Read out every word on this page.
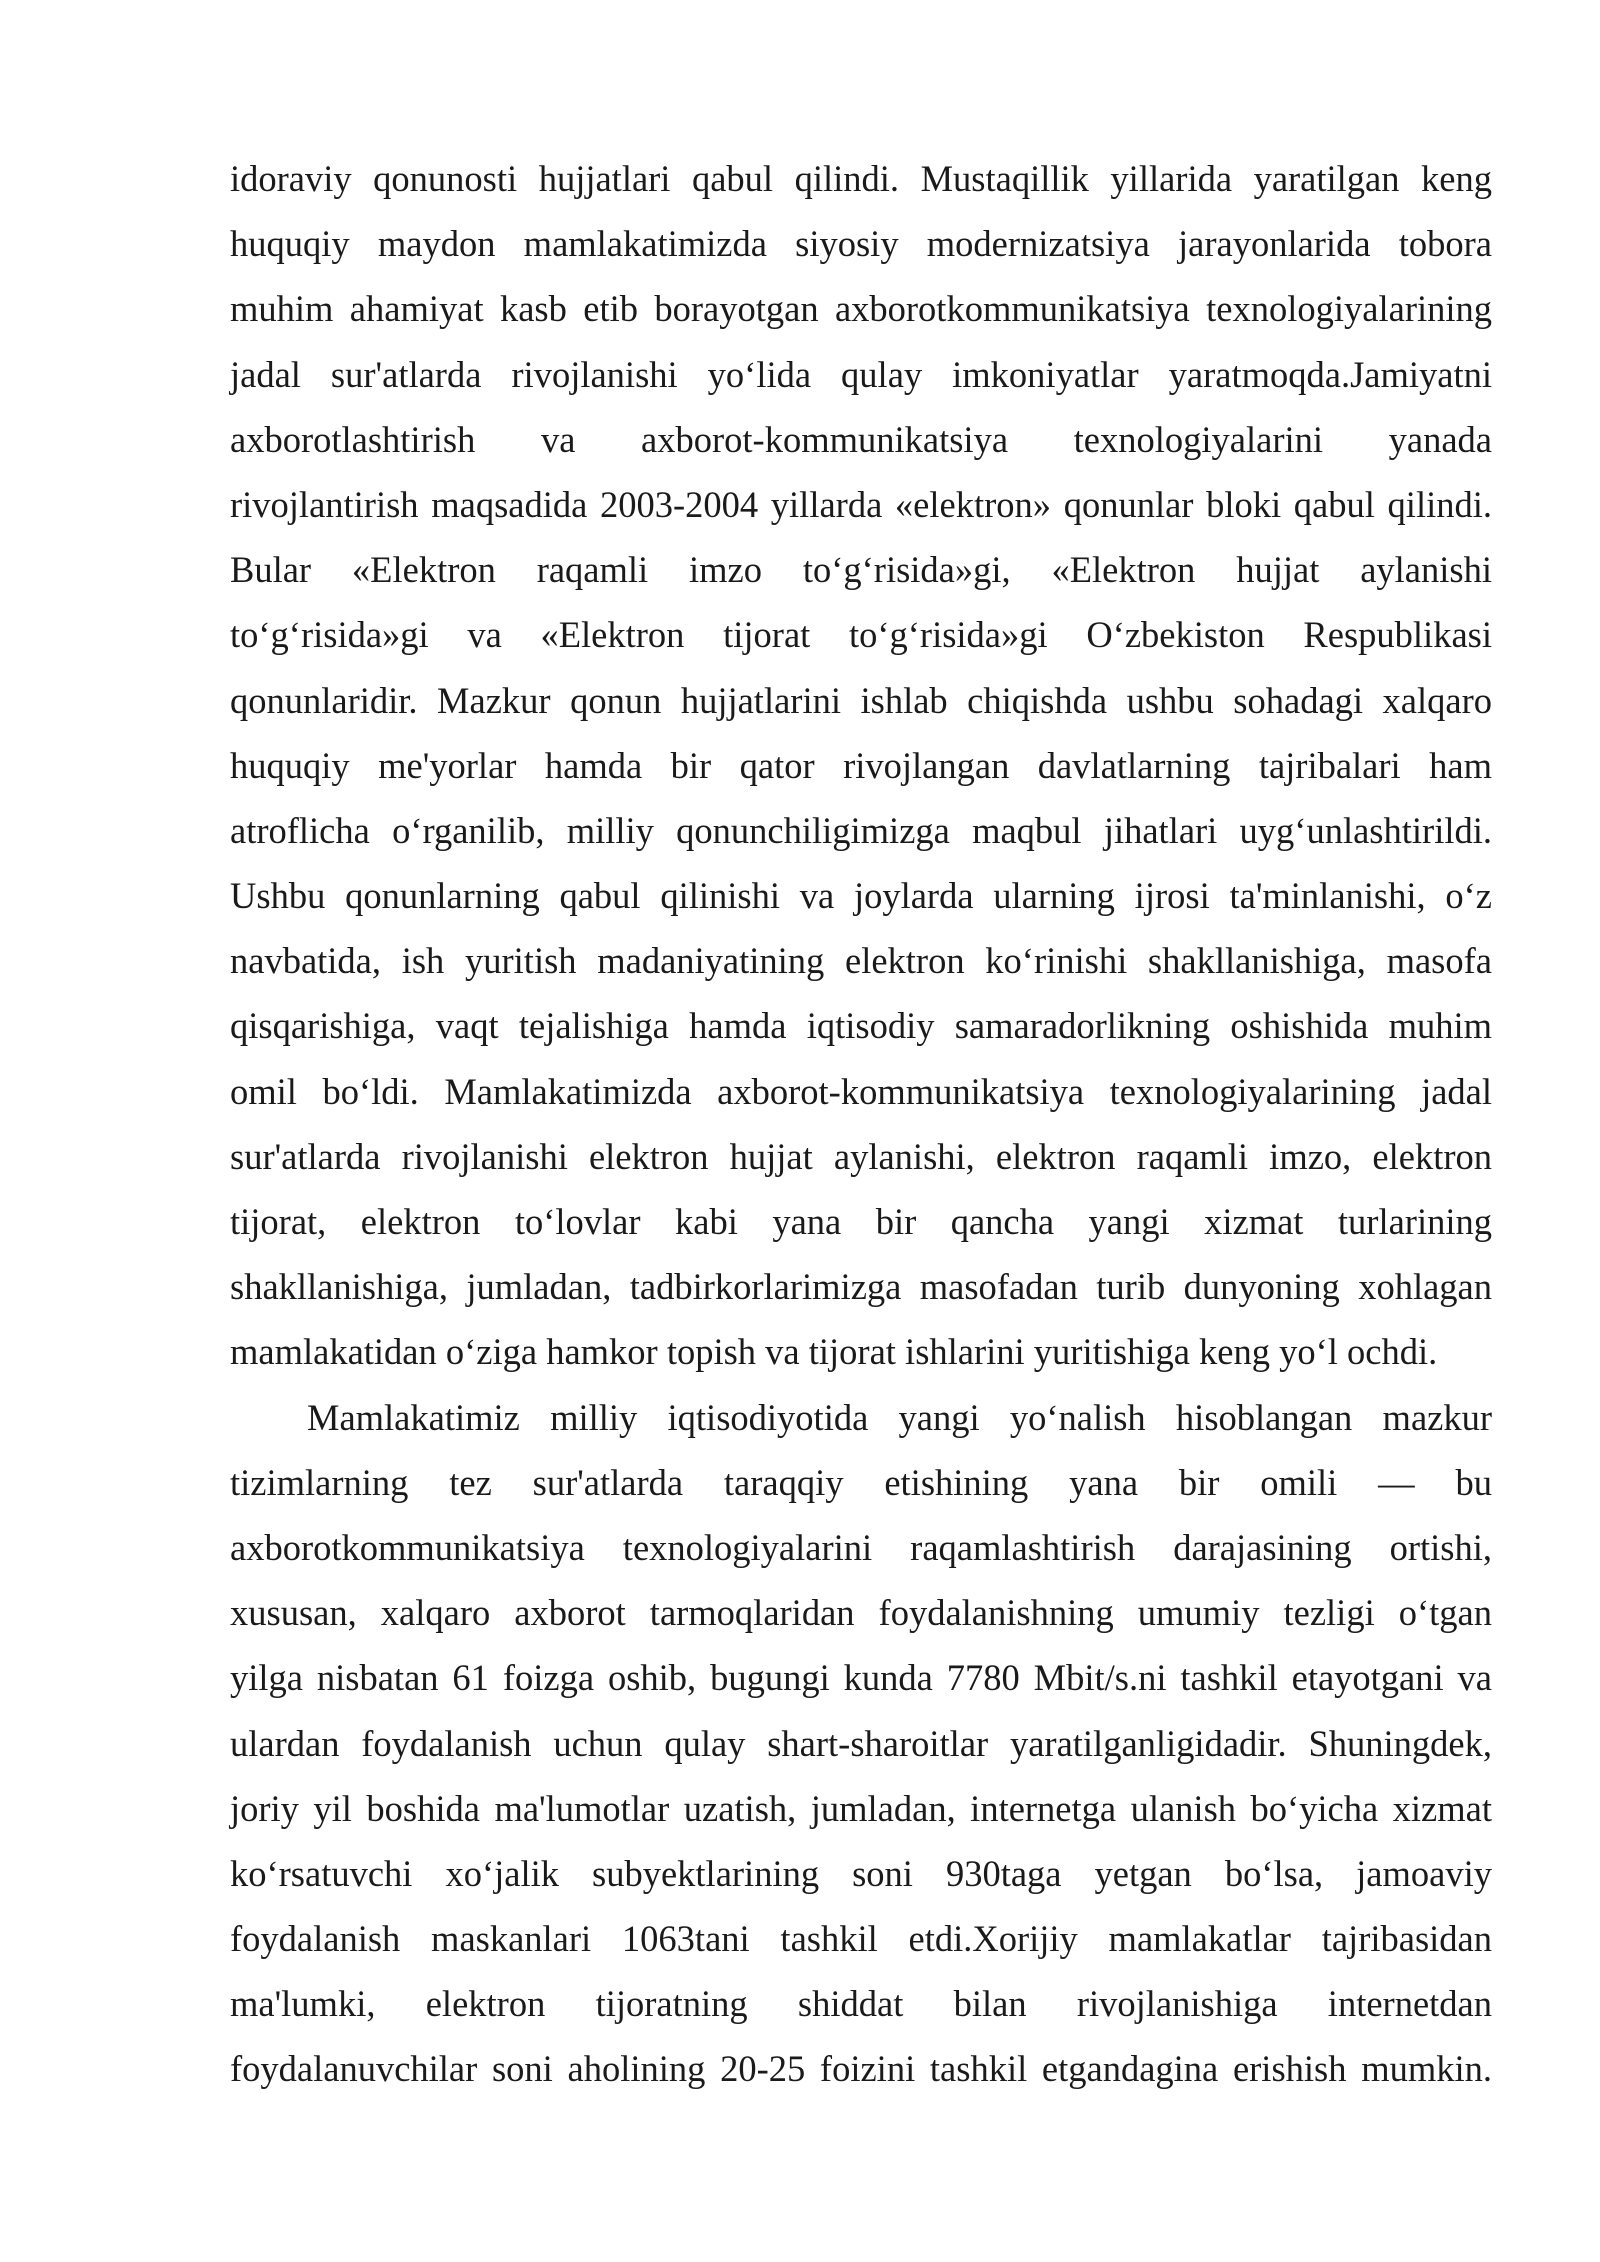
idoraviy qonunosti hujjatlari qabul qilindi. Mustaqillik yillarida yaratilgan keng
huquqiy maydon mamlakatimizda siyosiy modernizatsiya jarayonlarida tobora
muhim ahamiyat kasb etib borayotgan axborotkommunikatsiya texnologiyalarining
jadal sur'atlarda rivojlanishi yo‘lida qulay imkoniyatlar yaratmoqda.Jamiyatni
axborotlashtirish va axborot-kommunikatsiya texnologiyalarini yanada
rivojlantirish maqsadida 2003-2004 yillarda «elektron» qonunlar bloki qabul qilindi.
Bular «Elektron raqamli imzo to‘g‘risida»gi, «Elektron hujjat aylanishi
to‘g‘risida»gi va «Elektron tijorat to‘g‘risida»gi O‘zbekiston Respublikasi
qonunlaridir. Mazkur qonun hujjatlarini ishlab chiqishda ushbu sohadagi xalqaro
huquqiy me'yorlar hamda bir qator rivojlangan davlatlarning tajribalari ham
atroflicha o‘rganilib, milliy qonunchiligimizga maqbul jihatlari uyg‘unlashtirildi.
Ushbu qonunlarning qabul qilinishi va joylarda ularning ijrosi ta'minlanishi, o‘z
navbatida, ish yuritish madaniyatining elektron ko‘rinishi shakllanishiga, masofa
qisqarishiga, vaqt tejalishiga hamda iqtisodiy samaradorlikning oshishida muhim
omil bo‘ldi. Mamlakatimizda axborot-kommunikatsiya texnologiyalarining jadal
sur'atlarda rivojlanishi elektron hujjat aylanishi, elektron raqamli imzo, elektron
tijorat, elektron to‘lovlar kabi yana bir qancha yangi xizmat turlarining
shakllanishiga, jumladan, tadbirkorlarimizga masofadan turib dunyoning xohlagan
mamlakatidan o‘ziga hamkor topish va tijorat ishlarini yuritishiga keng yo‘l ochdi.
Mamlakatimiz milliy iqtisodiyotida yangi yo‘nalish hisoblangan mazkur
tizimlarning tez sur'atlarda taraqqiy etishining yana bir omili — bu
axborotkommunikatsiya texnologiyalarini raqamlashtirish darajasining ortishi,
xususan, xalqaro axborot tarmoqlaridan foydalanishning umumiy tezligi o‘tgan
yilga nisbatan 61 foizga oshib, bugungi kunda 7780 Mbit/s.ni tashkil etayotgani va
ulardan foydalanish uchun qulay shart-sharoitlar yaratilganligidadir. Shuningdek,
joriy yil boshida ma'lumotlar uzatish, jumladan, internetga ulanish bo‘yicha xizmat
ko‘rsatuvchi xo‘jalik subyektlarining soni 930taga yetgan bo‘lsa, jamoaviy
foydalanish maskanlari 1063tani tashkil etdi.Xorijiy mamlakatlar tajribasidan
ma'lumki, elektron tijoratning shiddat bilan rivojlanishiga internetdan
foydalanuvchilar soni aholining 20-25 foizini tashkil etgandagina erishish mumkin.
